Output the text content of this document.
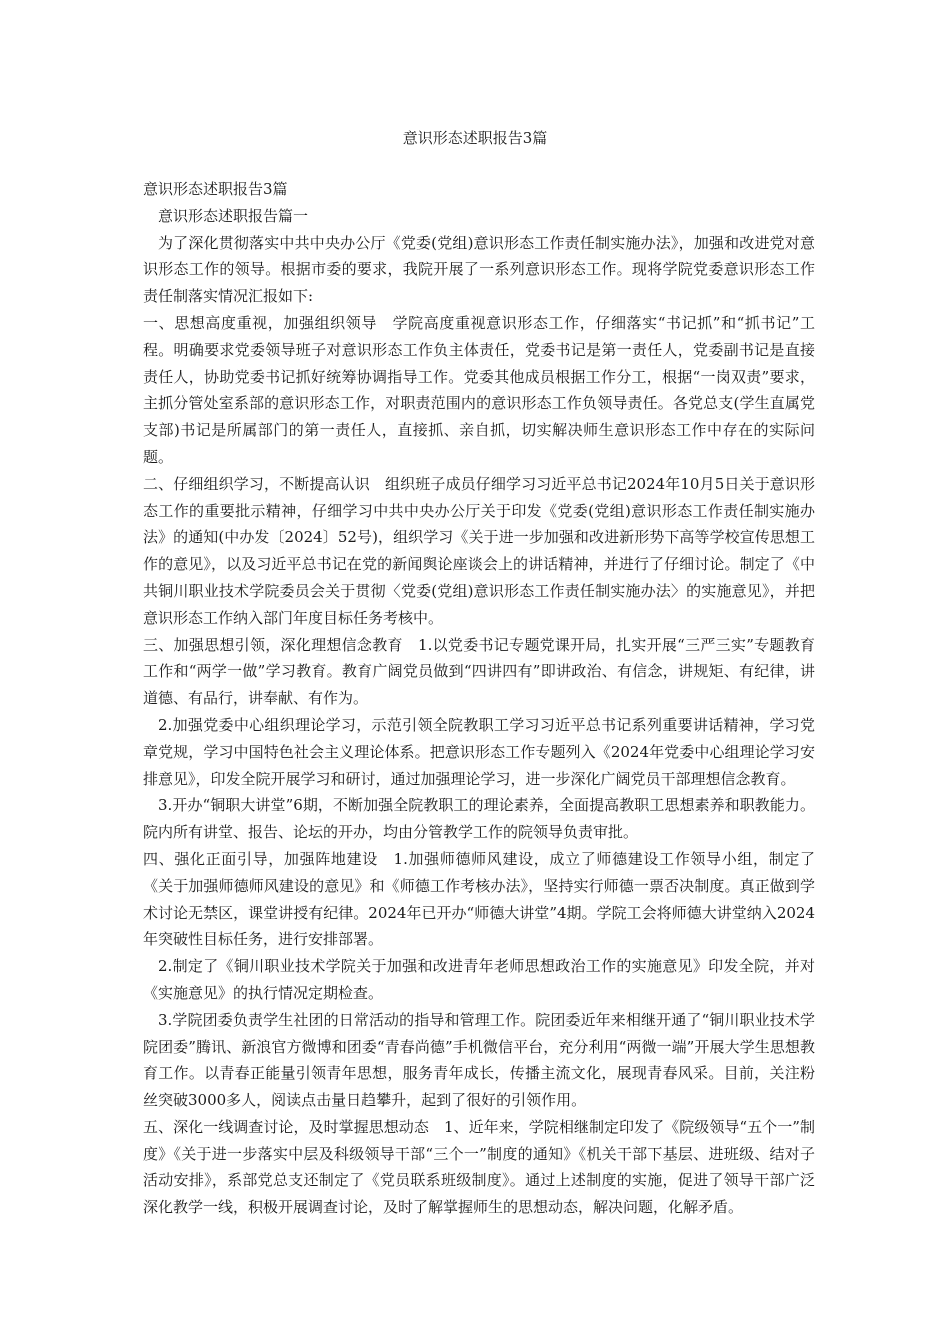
意识形态述职报告3篇

意识形态述职报告3篇

意识形态述职报告篇一

为了深化贯彻落实中共中央办公厅《党委(党组)意识形态工作责任制实施办法》，加强和改进党对意识形态工作的领导。根据市委的要求，我院开展了一系列意识形态工作。现将学院党委意识形态工作责任制落实情况汇报如下:

一、思想高度重视，加强组织领导　学院高度重视意识形态工作，仔细落实“书记抓”和“抓书记”工程。明确要求党委领导班子对意识形态工作负主体责任，党委书记是第一责任人，党委副书记是直接责任人，协助党委书记抓好统筹协调指导工作。党委其他成员根据工作分工，根据“一岗双责”要求，主抓分管处室系部的意识形态工作，对职责范围内的意识形态工作负领导责任。各党总支(学生直属党支部)书记是所属部门的第一责任人，直接抓、亲自抓，切实解决师生意识形态工作中存在的实际问题。

二、仔细组织学习，不断提高认识　组织班子成员仔细学习习近平总书记2024年10月5日关于意识形态工作的重要批示精神，仔细学习中共中央办公厅关于印发《党委(党组)意识形态工作责任制实施办法》的通知(中办发〔2024〕52号)，组织学习《关于进一步加强和改进新形势下高等学校宣传思想工作的意见》，以及习近平总书记在党的新闻舆论座谈会上的讲话精神，并进行了仔细讨论。制定了《中共铜川职业技术学院委员会关于贯彻〈党委(党组)意识形态工作责任制实施办法〉的实施意见》，并把意识形态工作纳入部门年度目标任务考核中。

三、加强思想引领，深化理想信念教育　1.以党委书记专题党课开局，扎实开展“三严三实”专题教育工作和“两学一做”学习教育。教育广阔党员做到“四讲四有”即讲政治、有信念，讲规矩、有纪律，讲道德、有品行，讲奉献、有作为。

2.加强党委中心组织理论学习，示范引领全院教职工学习习近平总书记系列重要讲话精神，学习党章党规，学习中国特色社会主义理论体系。把意识形态工作专题列入《2024年党委中心组理论学习安排意见》，印发全院开展学习和研讨，通过加强理论学习，进一步深化广阔党员干部理想信念教育。

3.开办“铜职大讲堂”6期，不断加强全院教职工的理论素养，全面提高教职工思想素养和职教能力。院内所有讲堂、报告、论坛的开办，均由分管教学工作的院领导负责审批。

四、强化正面引导，加强阵地建设　1.加强师德师风建设，成立了师德建设工作领导小组，制定了《关于加强师德师风建设的意见》和《师德工作考核办法》，坚持实行师德一票否决制度。真正做到学术讨论无禁区，课堂讲授有纪律。2024年已开办“师德大讲堂”4期。学院工会将师德大讲堂纳入2024年突破性目标任务，进行安排部署。

2.制定了《铜川职业技术学院关于加强和改进青年老师思想政治工作的实施意见》印发全院，并对《实施意见》的执行情况定期检查。

3.学院团委负责学生社团的日常活动的指导和管理工作。院团委近年来相继开通了“铜川职业技术学院团委”腾讯、新浪官方微博和团委“青春尚德”手机微信平台，充分利用“两微一端”开展大学生思想教育工作。以青春正能量引领青年思想，服务青年成长，传播主流文化，展现青春风采。目前，关注粉丝突破3000多人，阅读点击量日趋攀升，起到了很好的引领作用。

五、深化一线调查讨论，及时掌握思想动态　1、近年来，学院相继制定印发了《院级领导“五个一”制度》《关于进一步落实中层及科级领导干部“三个一”制度的通知》《机关干部下基层、进班级、结对子活动安排》，系部党总支还制定了《党员联系班级制度》。通过上述制度的实施，促进了领导干部广泛深化教学一线，积极开展调查讨论，及时了解掌握师生的思想动态，解决问题，化解矛盾。
